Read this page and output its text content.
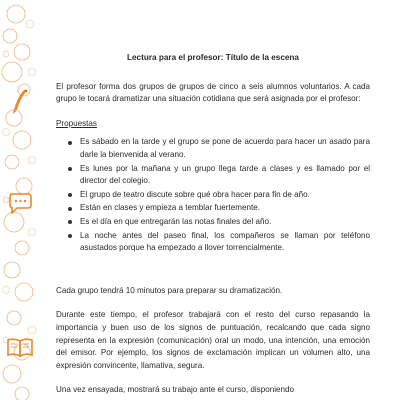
Lectura para el profesor: Título de la escena

El profesor forma dos grupos de grupos de cinco a seis alumnos voluntarios. A cada grupo le tocará dramatizar una situación cotidiana que será asignada por el profesor:

Propuestas
Es sábado en la tarde y el grupo se pone de acuerdo para hacer un asado para darle la bienvenida al verano.
Es lunes por la mañana y un grupo llega tarde a clases y es llamado por el director del colegio.
El grupo de teatro discute sobre qué obra hacer para fin de año.
Están en clases y empieza a temblar fuertemente.
Es el día en que entregarán las notas finales del año.
La noche antes del paseo final, los compañeros se llaman por teléfono asustados porque ha empezado a llover torrencialmente.

Cada grupo tendrá 10 minutos para preparar su dramatización.

Durante este tiempo, el profesor trabajará con el resto del curso repasando la importancia y buen uso de los signos de puntuación, recalcando que cada signo representa en la expresión (comunicación) oral un modo, una intención, una emoción del emisor. Por ejemplo, los signos de exclamación implican un volumen alto, una expresión convincente, llamativa, segura.

Una vez ensayada, mostrará su trabajo ante el curso, disponiendo
